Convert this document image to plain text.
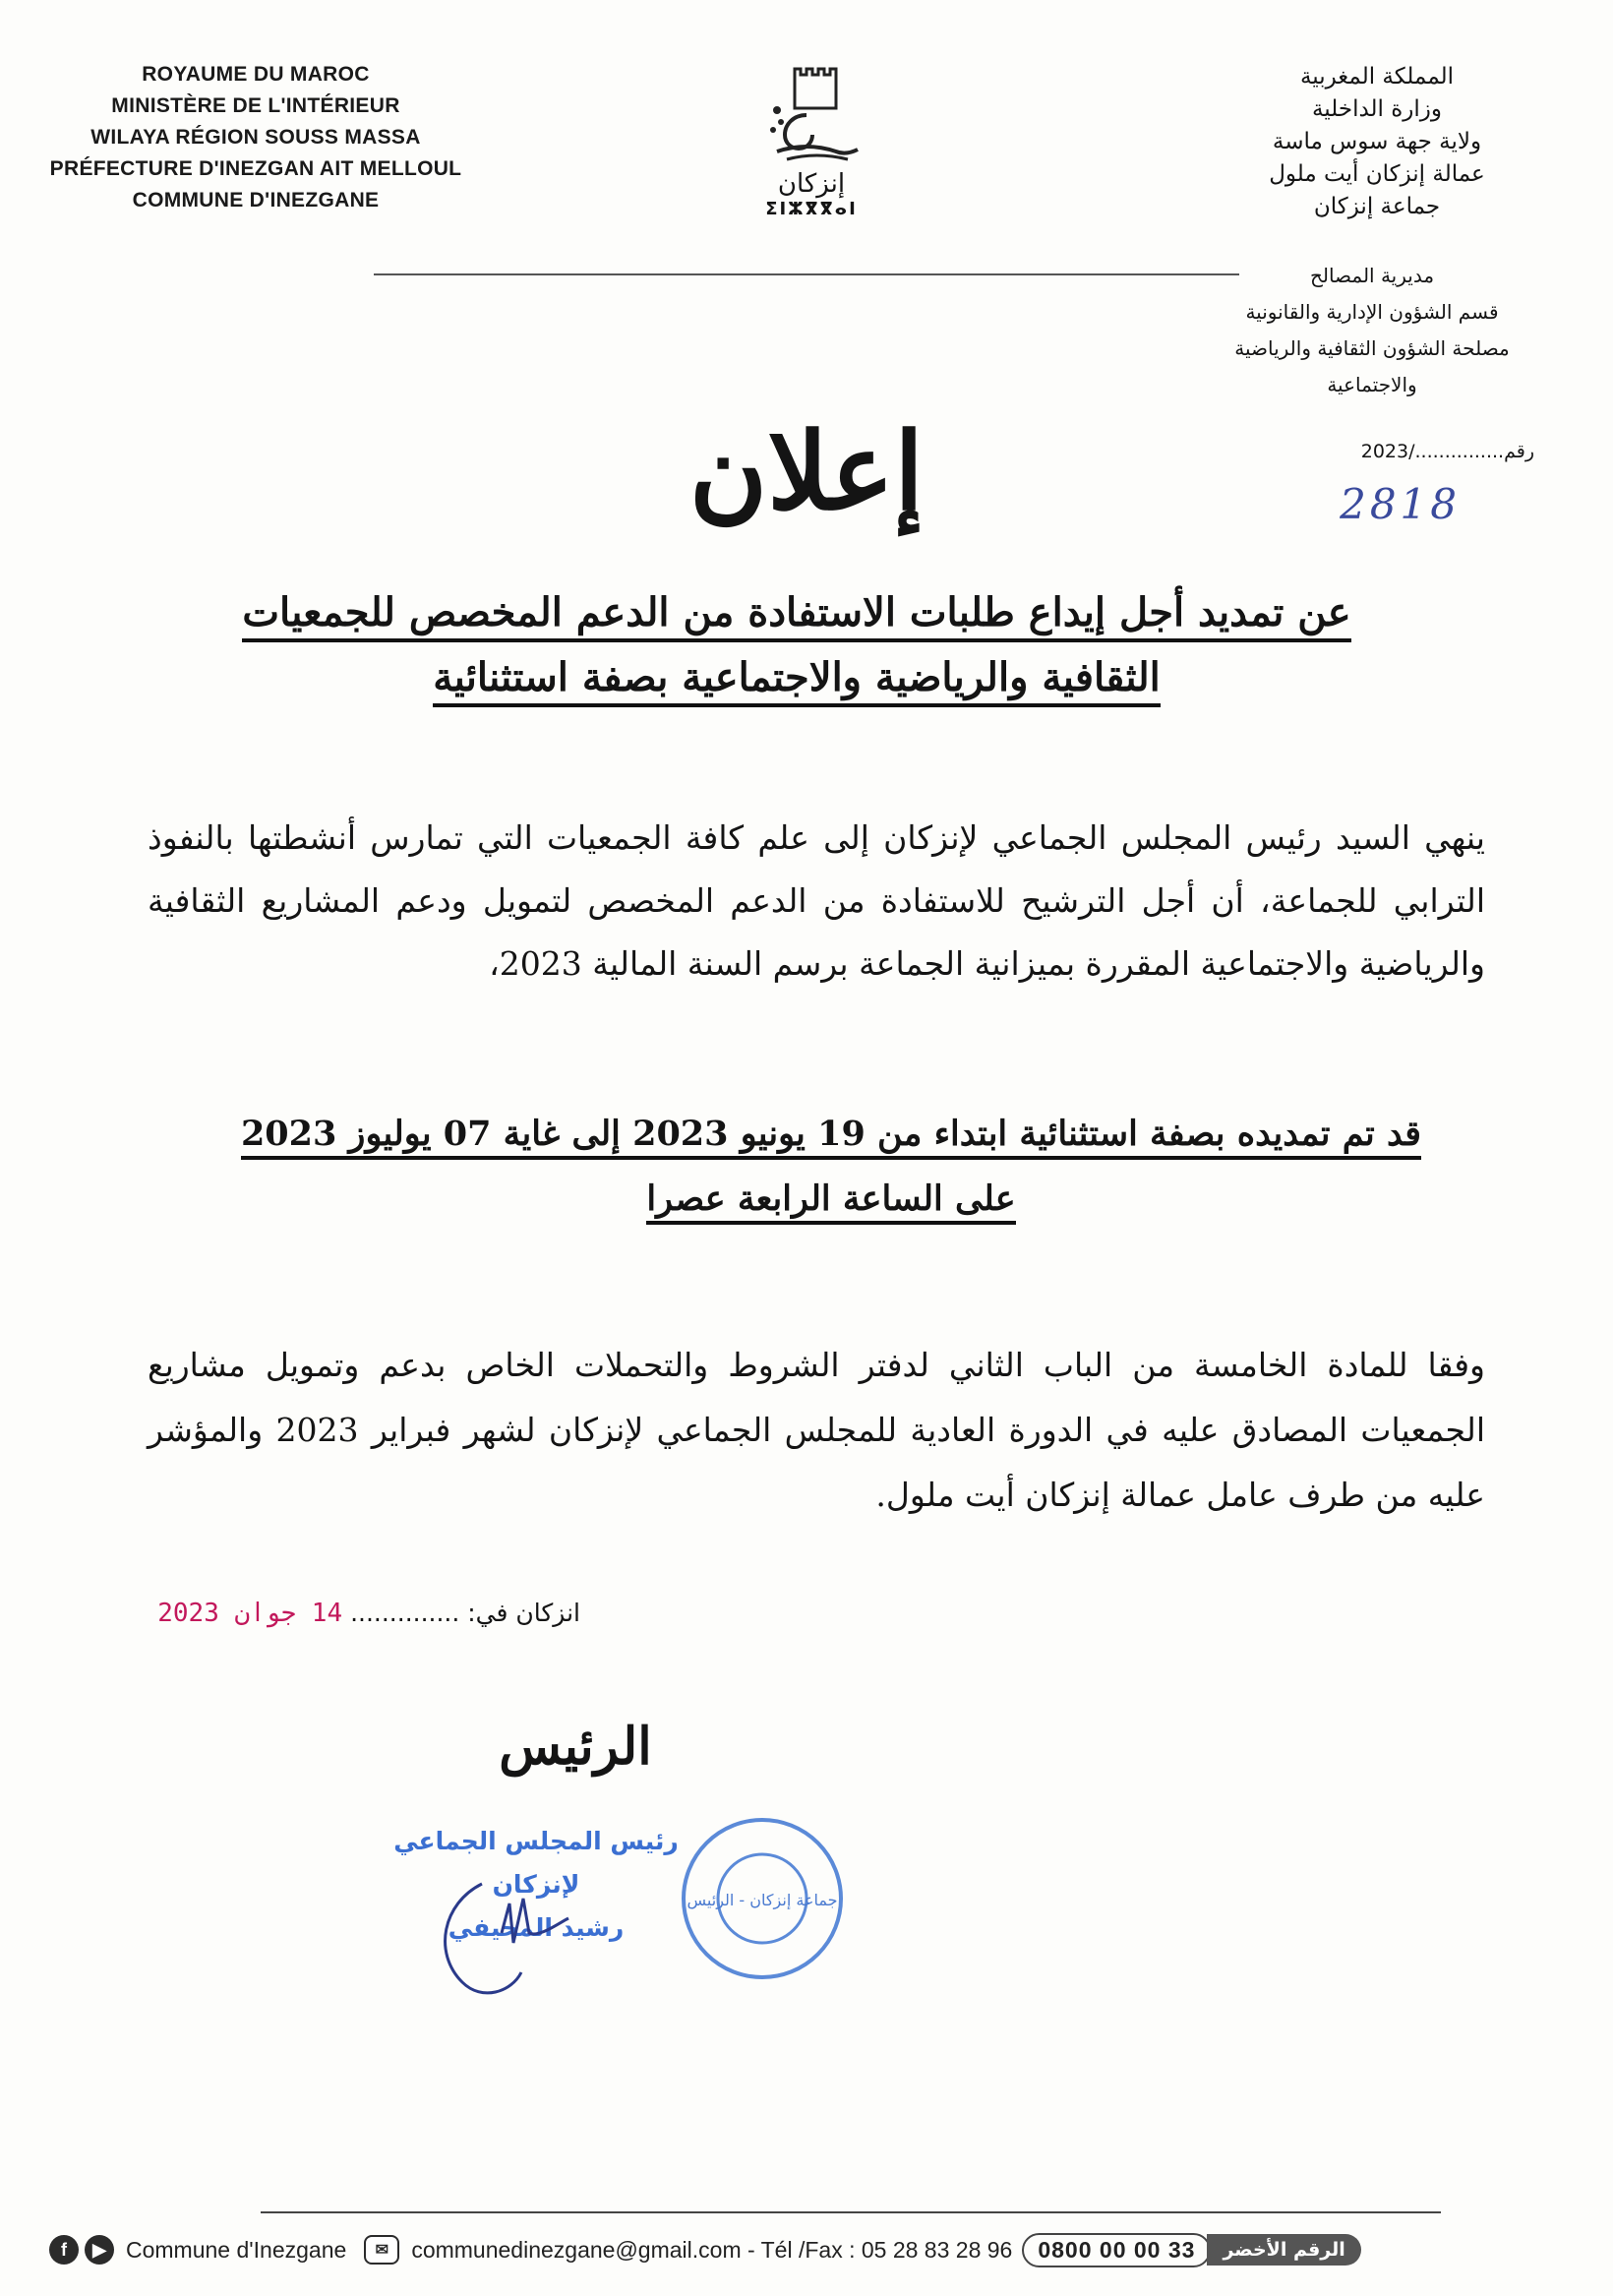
ROYAUME DU MAROC
MINISTÈRE DE L'INTÉRIEUR
WILAYA RÉGION SOUSS MASSA
PRÉFECTURE D'INEZGAN AIT MELLOUL
COMMUNE D'INEZGANE
إنزكان
ⵉⵏⵣⴳⴳⴰⵏ
المملكة المغربية
وزارة الداخلية
ولاية جهة سوس ماسة
عمالة إنزكان أيت ملول
جماعة إنزكان
مديرية المصالح
قسم الشؤون الإدارية والقانونية
مصلحة الشؤون الثقافية والرياضية
والاجتماعية
رقم.............../2023
2818
إعلان
عن تمديد أجل إيداع طلبات الاستفادة من الدعم المخصص للجمعيات
الثقافية والرياضية والاجتماعية بصفة استثنائية

ينهي السيد رئيس المجلس الجماعي لإنزكان إلى علم كافة الجمعيات التي تمارس أنشطتها بالنفوذ الترابي للجماعة، أن أجل الترشيح للاستفادة من الدعم المخصص لتمويل ودعم المشاريع الثقافية والرياضية والاجتماعية المقررة بميزانية الجماعة برسم السنة المالية 2023،

قد تم تمديده بصفة استثنائية ابتداء من 19 يونيو 2023 إلى غاية 07 يوليوز 2023
على الساعة الرابعة عصرا

وفقا للمادة الخامسة من الباب الثاني لدفتر الشروط والتحملات الخاص بدعم وتمويل مشاريع الجمعيات المصادق عليه في الدورة العادية للمجلس الجماعي لإنزكان لشهر فبراير 2023 والمؤشر عليه من طرف عامل عمالة إنزكان أيت ملول.

انزكان في: .............. 14 جوان 2023
الرئيس
رئيس المجلس الجماعي
لإنزكان
رشيد المحيفي
جماعة إنزكان - الرئيس
f	▶ Commune d'Inezgane	✉	communedinezgane@gmail.com - Tél /Fax : 05 28 83 28 96	0800 00 00 33	الرقم الأخضر
